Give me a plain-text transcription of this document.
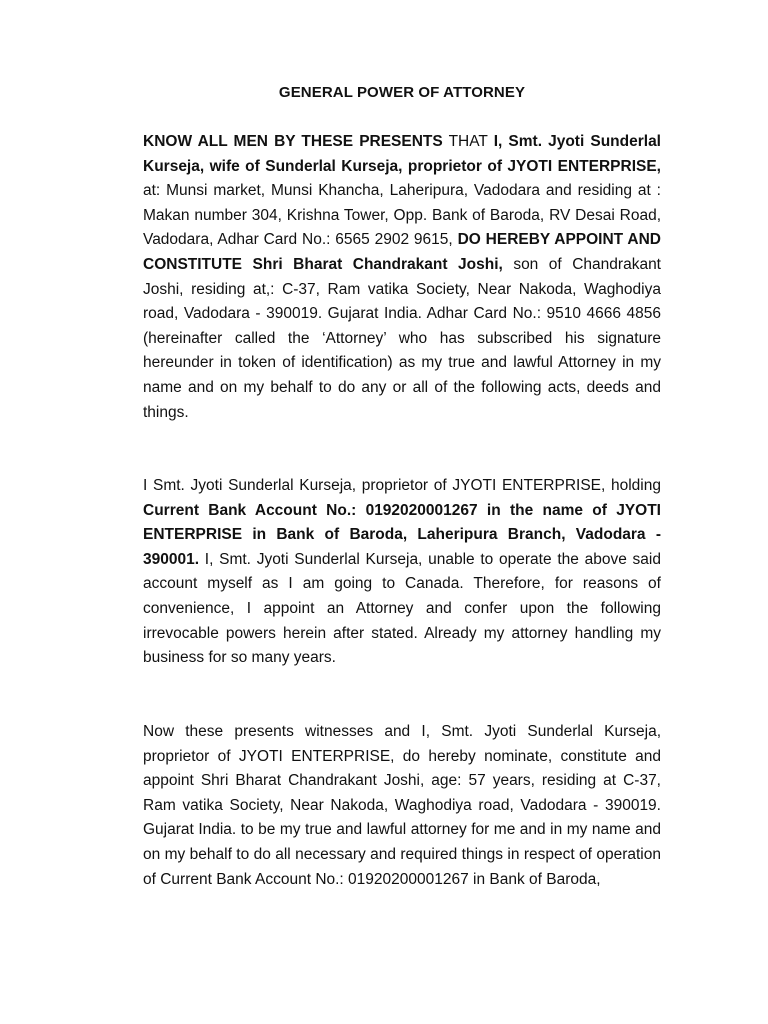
GENERAL POWER OF ATTORNEY

KNOW ALL MEN BY THESE PRESENTS THAT I, Smt. Jyoti Sunderlal Kurseja, wife of Sunderlal Kurseja, proprietor of JYOTI ENTERPRISE, at: Munsi market, Munsi Khancha, Laheripura, Vadodara and residing at : Makan number 304, Krishna Tower, Opp. Bank of Baroda, RV Desai Road, Vadodara, Adhar Card No.: 6565 2902 9615, DO HEREBY APPOINT AND CONSTITUTE Shri Bharat Chandrakant Joshi, son of Chandrakant Joshi, residing at,: C-37, Ram vatika Society, Near Nakoda, Waghodiya road, Vadodara - 390019. Gujarat India. Adhar Card No.: 9510 4666 4856 (hereinafter called the ‘Attorney’ who has subscribed his signature hereunder in token of identification) as my true and lawful Attorney in my name and on my behalf to do any or all of the following acts, deeds and things.

I Smt. Jyoti Sunderlal Kurseja, proprietor of JYOTI ENTERPRISE, holding Current Bank Account No.: 0192020001267 in the name of JYOTI ENTERPRISE in Bank of Baroda, Laheripura Branch, Vadodara - 390001. I, Smt. Jyoti Sunderlal Kurseja, unable to operate the above said account myself as I am going to Canada. Therefore, for reasons of convenience, I appoint an Attorney and confer upon the following irrevocable powers herein after stated. Already my attorney handling my business for so many years.

Now these presents witnesses and I, Smt. Jyoti Sunderlal Kurseja, proprietor of JYOTI ENTERPRISE, do hereby nominate, constitute and appoint Shri Bharat Chandrakant Joshi, age: 57 years, residing at C-37, Ram vatika Society, Near Nakoda, Waghodiya road, Vadodara - 390019. Gujarat India. to be my true and lawful attorney for me and in my name and on my behalf to do all necessary and required things in respect of operation of Current Bank Account No.: 01920200001267 in Bank of Baroda,
